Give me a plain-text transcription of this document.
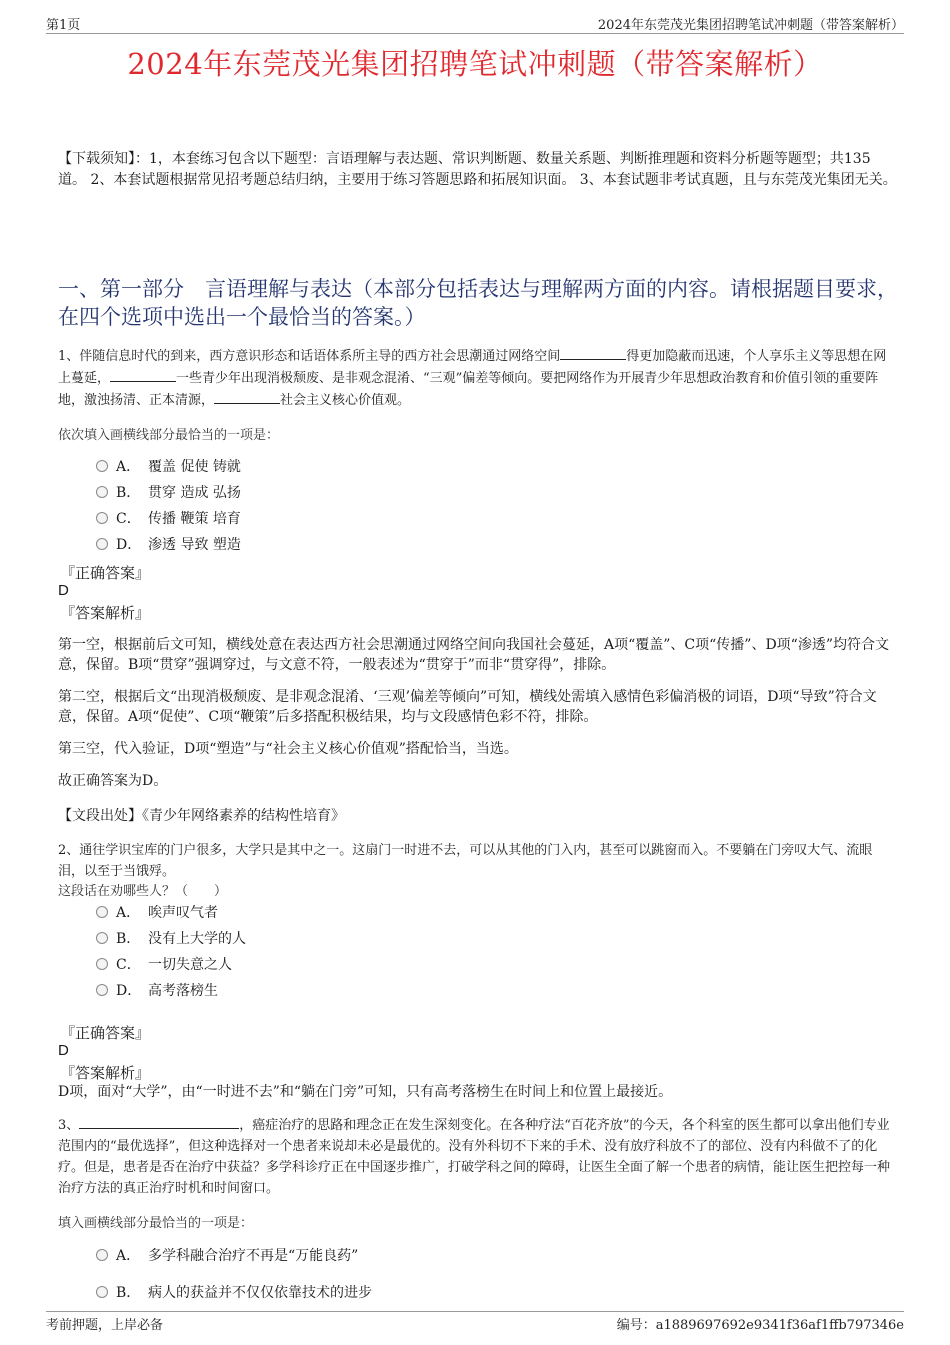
第1页	2024年东莞茂光集团招聘笔试冲刺题（带答案解析）
2024年东莞茂光集团招聘笔试冲刺题（带答案解析）
【下载须知】：1，本套练习包含以下题型：言语理解与表达题、常识判断题、数量关系题、判断推理题和资料分析题等题型；共135道。 2、本套试题根据常见招考题总结归纳，主要用于练习答题思路和拓展知识面。 3、本套试题非考试真题，且与东莞茂光集团无关。
一、第一部分　言语理解与表达（本部分包括表达与理解两方面的内容。请根据题目要求，在四个选项中选出一个最恰当的答案。）
1、伴随信息时代的到来，西方意识形态和话语体系所主导的西方社会思潮通过网络空间	得更加隐蔽而迅速，个人享乐主义等思想在网上蔓延，	一些青少年出现消极颓废、是非观念混淆、“三观”偏差等倾向。要把网络作为开展青少年思想政治教育和价值引领的重要阵地，激浊扬清、正本清源，	社会主义核心价值观。
依次填入画横线部分最恰当的一项是：
A． 覆盖 促使 铸就
B． 贯穿 造成 弘扬
C． 传播 鞭策 培育
D． 渗透 导致 塑造
『正确答案』
D
『答案解析』
第一空，根据前后文可知，横线处意在表达西方社会思潮通过网络空间向我国社会蔓延，A项“覆盖”、C项“传播”、D项“渗透”均符合文意，保留。B项“贯穿”强调穿过，与文意不符，一般表述为“贯穿于”而非“贯穿得”，排除。
第二空，根据后文“出现消极颓废、是非观念混淆、‘三观’偏差等倾向”可知，横线处需填入感情色彩偏消极的词语，D项“导致”符合文意，保留。A项“促使”、C项“鞭策”后多搭配积极结果，均与文段感情色彩不符，排除。
第三空，代入验证，D项“塑造”与“社会主义核心价值观”搭配恰当，当选。
故正确答案为D。
【文段出处】《青少年网络素养的结构性培育》
2、通往学识宝库的门户很多，大学只是其中之一。这扇门一时进不去，可以从其他的门入内，甚至可以跳窗而入。不要躺在门旁叹大气、流眼泪，以至于当饿殍。
这段话在劝哪些人？（　　）
A． 唉声叹气者
B． 没有上大学的人
C． 一切失意之人
D． 高考落榜生
『正确答案』
D
『答案解析』
D项，面对“大学”，由“一时进不去”和“躺在门旁”可知，只有高考落榜生在时间上和位置上最接近。
3、	，癌症治疗的思路和理念正在发生深刻变化。在各种疗法“百花齐放”的今天，各个科室的医生都可以拿出他们专业范围内的“最优选择”，但这种选择对一个患者来说却未必是最优的。没有外科切不下来的手术、没有放疗科放不了的部位、没有内科做不了的化疗。但是，患者是否在治疗中获益？多学科诊疗正在中国逐步推广，打破学科之间的障碍，让医生全面了解一个患者的病情，能让医生把控每一种治疗方法的真正治疗时机和时间窗口。
填入画横线部分最恰当的一项是：
A． 多学科融合治疗不再是“万能良药”
B． 病人的获益并不仅仅依靠技术的进步
考前押题，上岸必备	编号：a1889697692e9341f36af1ffb797346e
